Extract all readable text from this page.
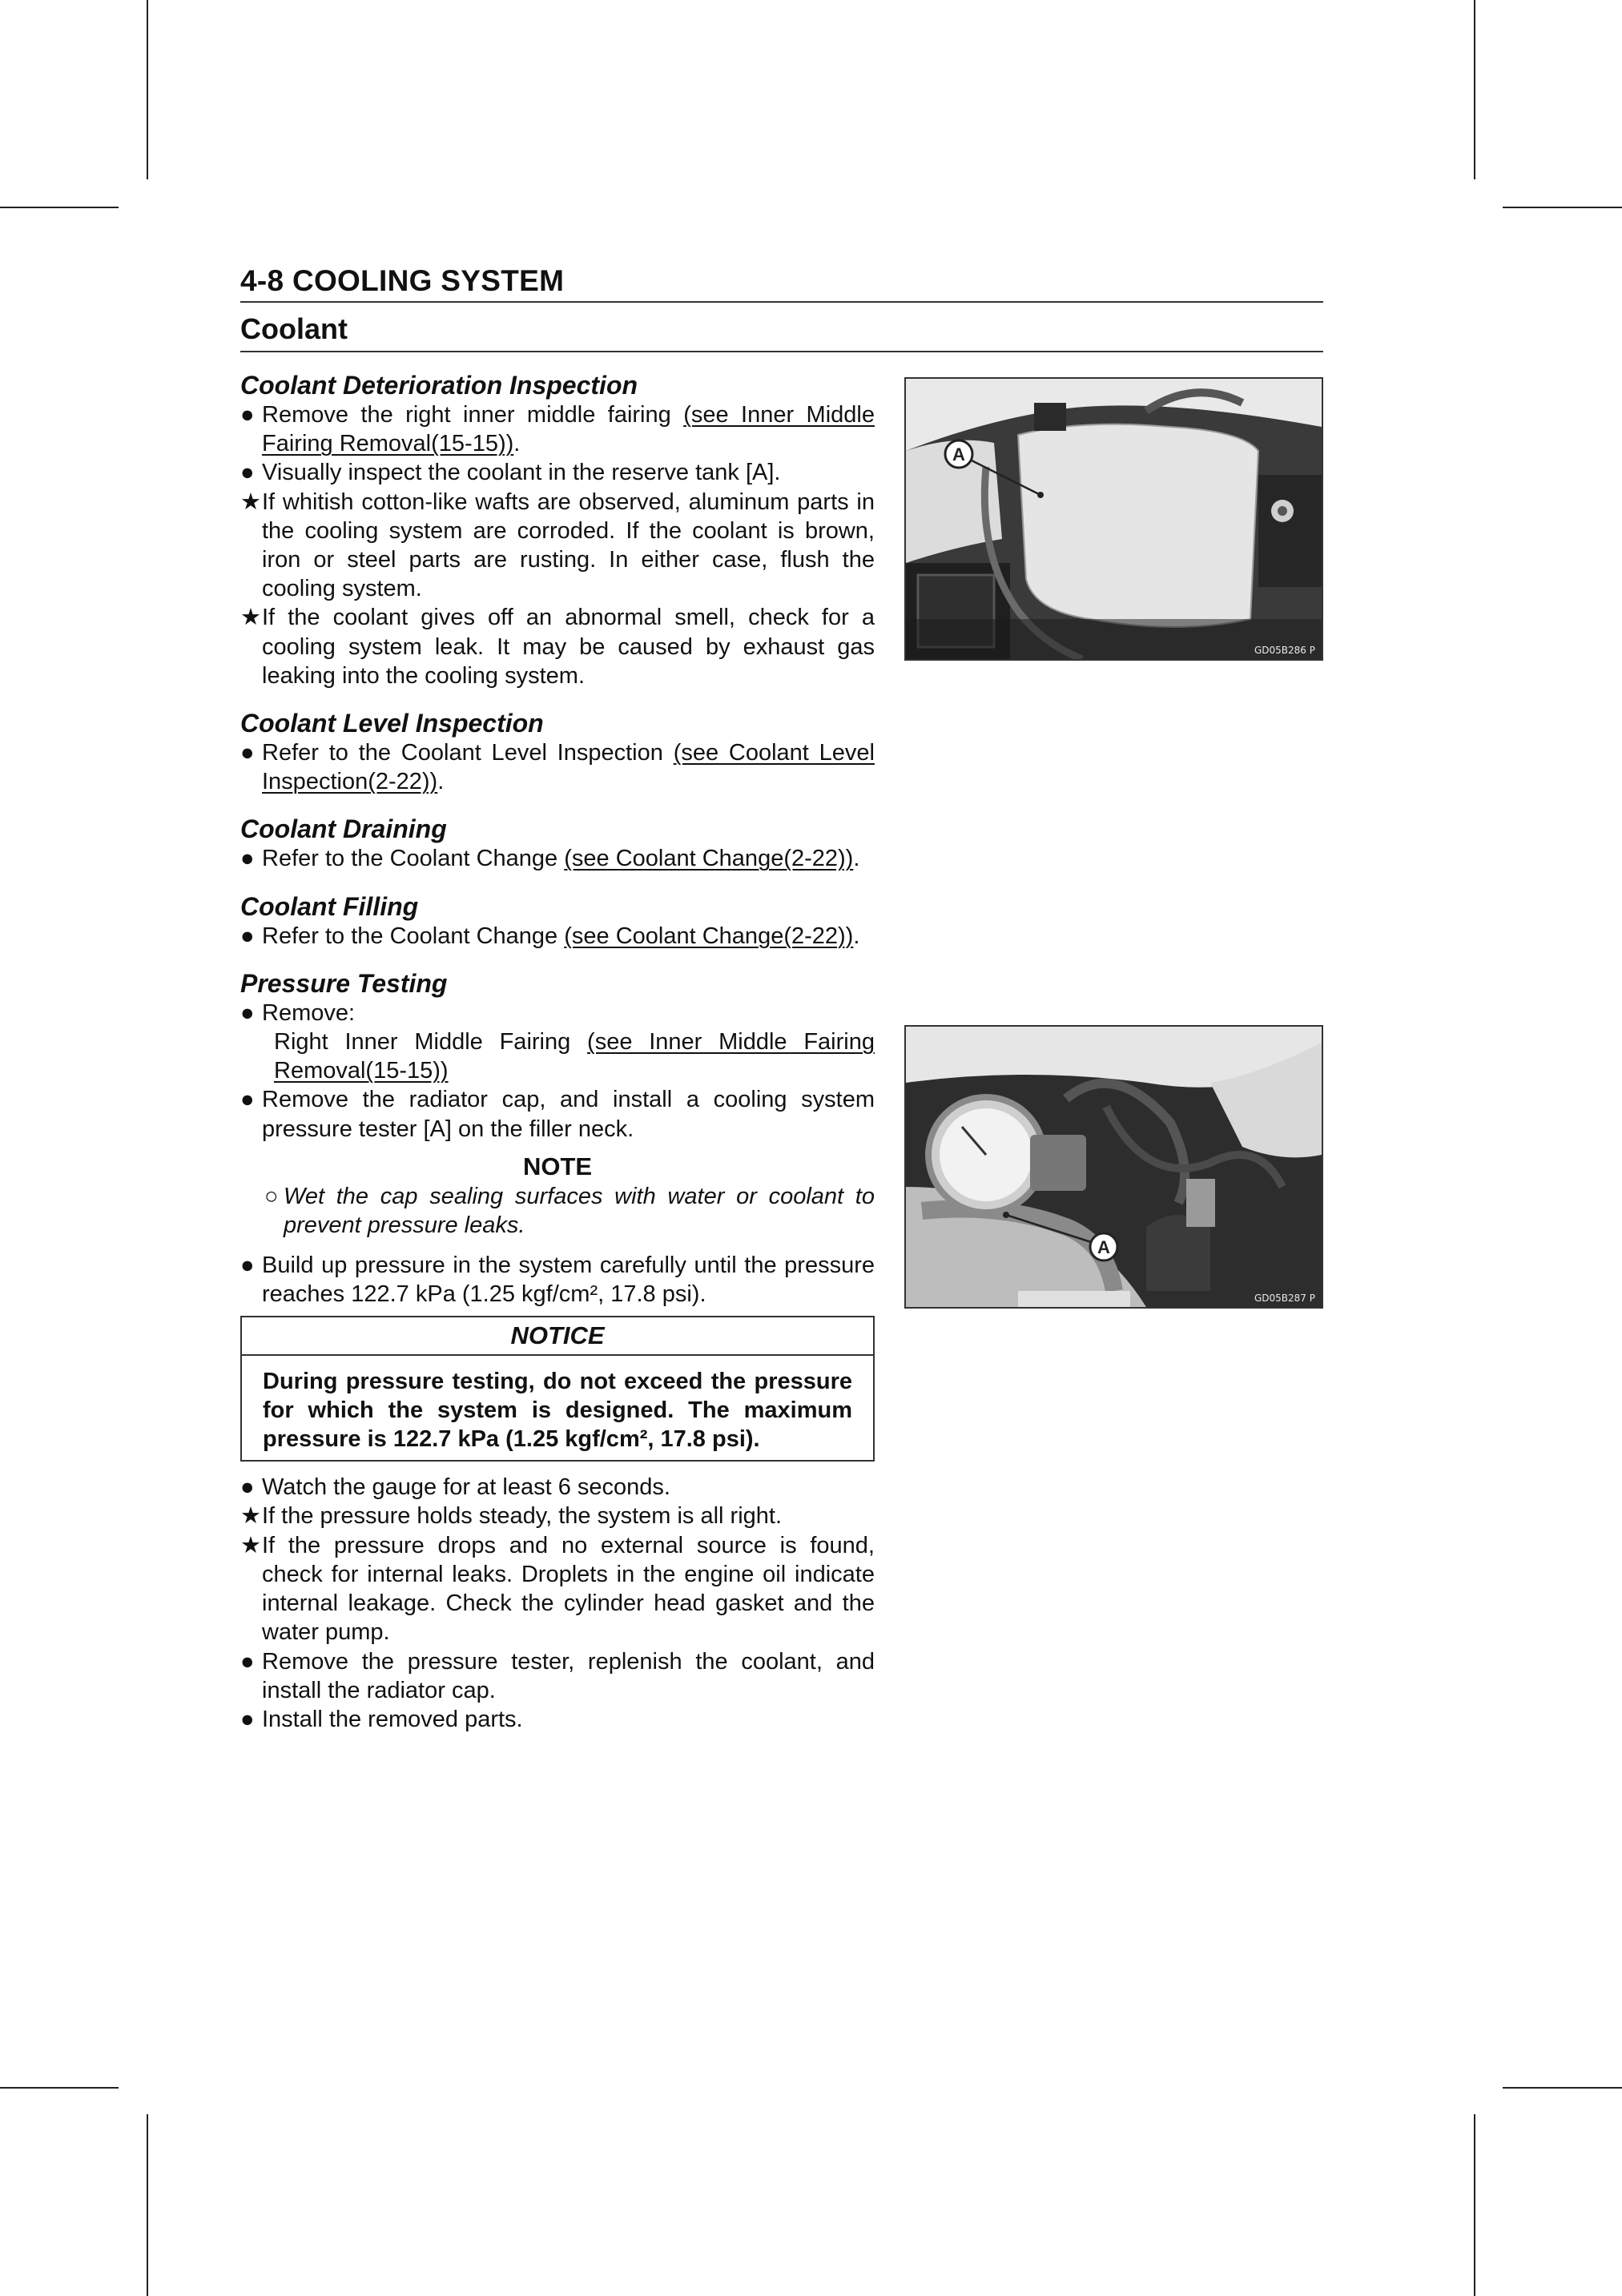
4-8 COOLING SYSTEM
Coolant

Coolant Deterioration Inspection

● Remove the right inner middle fairing (see Inner Middle Fairing Removal(15-15)).
● Visually inspect the coolant in the reserve tank [A].
★ If whitish cotton-like wafts are observed, aluminum parts in the cooling system are corroded. If the coolant is brown, iron or steel parts are rusting. In either case, flush the cooling system.
★ If the coolant gives off an abnormal smell, check for a cooling system leak. It may be caused by exhaust gas leaking into the cooling system.

Coolant Level Inspection

● Refer to the Coolant Level Inspection (see Coolant Level Inspection(2-22)).

Coolant Draining

● Refer to the Coolant Change (see Coolant Change(2-22)).

Coolant Filling

● Refer to the Coolant Change (see Coolant Change(2-22)).

Pressure Testing

● Remove:
Right Inner Middle Fairing (see Inner Middle Fairing Removal(15-15))
● Remove the radiator cap, and install a cooling system pressure tester [A] on the filler neck.
NOTE
○ Wet the cap sealing surfaces with water or coolant to prevent pressure leaks.
● Build up pressure in the system carefully until the pressure reaches 122.7 kPa (1.25 kgf/cm², 17.8 psi).
NOTICE
During pressure testing, do not exceed the pressure for which the system is designed. The maximum pressure is 122.7 kPa (1.25 kgf/cm², 17.8 psi).
● Watch the gauge for at least 6 seconds.
★ If the pressure holds steady, the system is all right.
★ If the pressure drops and no external source is found, check for internal leaks. Droplets in the engine oil indicate internal leakage. Check the cylinder head gasket and the water pump.
● Remove the pressure tester, replenish the coolant, and install the radiator cap.
● Install the removed parts.
A
GD05B286 P
A
GD05B287 P
